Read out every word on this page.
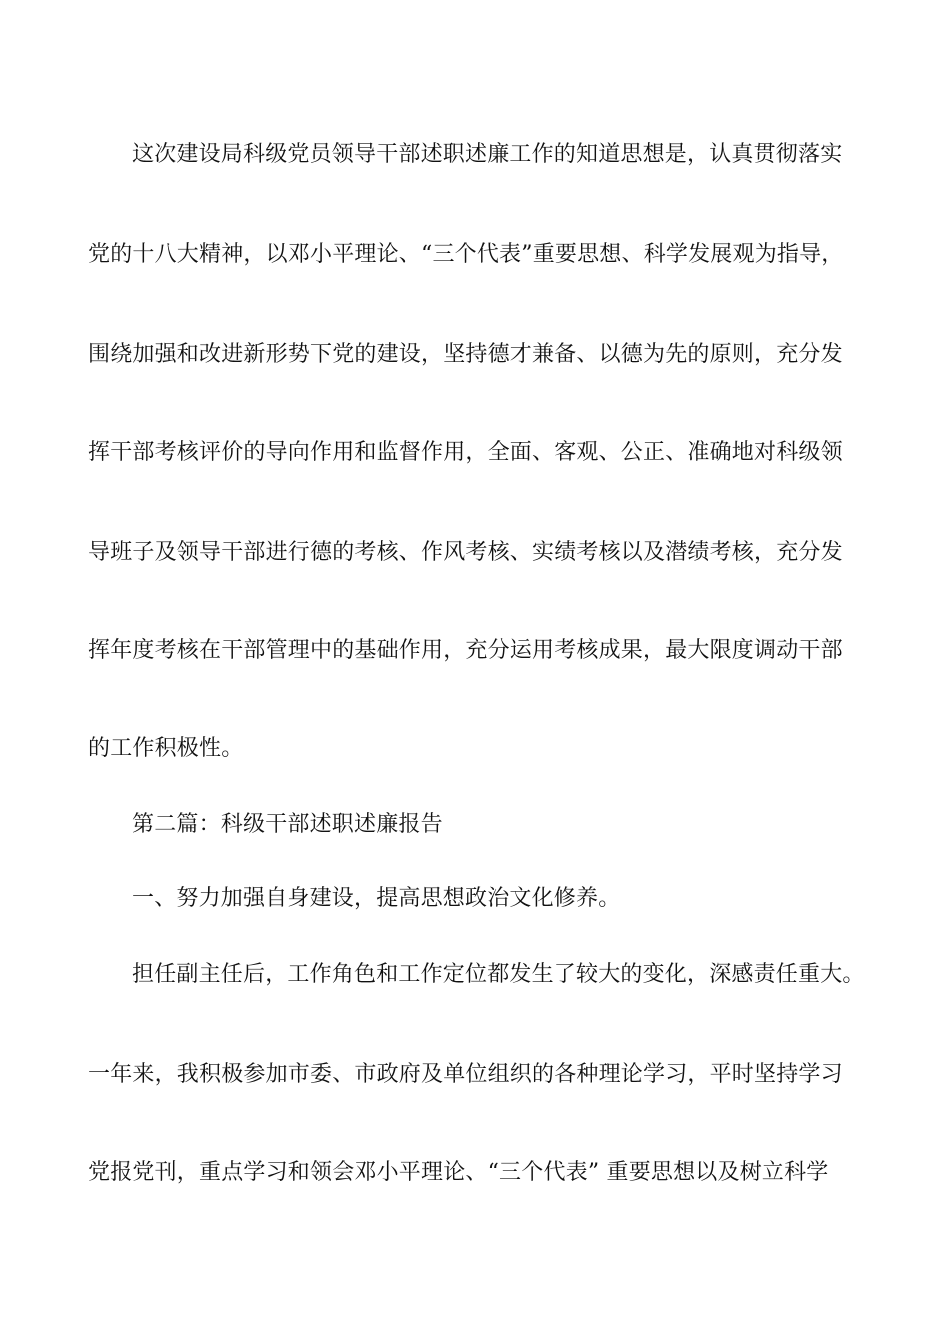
这次建设局科级党员领导干部述职述廉工作的知道思想是，认真贯彻落实
党的十八大精神，以邓小平理论、“三个代表”重要思想、科学发展观为指导，
围绕加强和改进新形势下党的建设，坚持德才兼备、以德为先的原则，充分发
挥干部考核评价的导向作用和监督作用，全面、客观、公正、准确地对科级领
导班子及领导干部进行德的考核、作风考核、实绩考核以及潜绩考核，充分发
挥年度考核在干部管理中的基础作用，充分运用考核成果，最大限度调动干部
的工作积极性。
第二篇：科级干部述职述廉报告
一、努力加强自身建设，提高思想政治文化修养。
担任副主任后，工作角色和工作定位都发生了较大的变化，深感责任重大。
一年来，我积极参加市委、市政府及单位组织的各种理论学习，平时坚持学习
党报党刊，重点学习和领会邓小平理论、“三个代表” 重要思想以及树立科学
